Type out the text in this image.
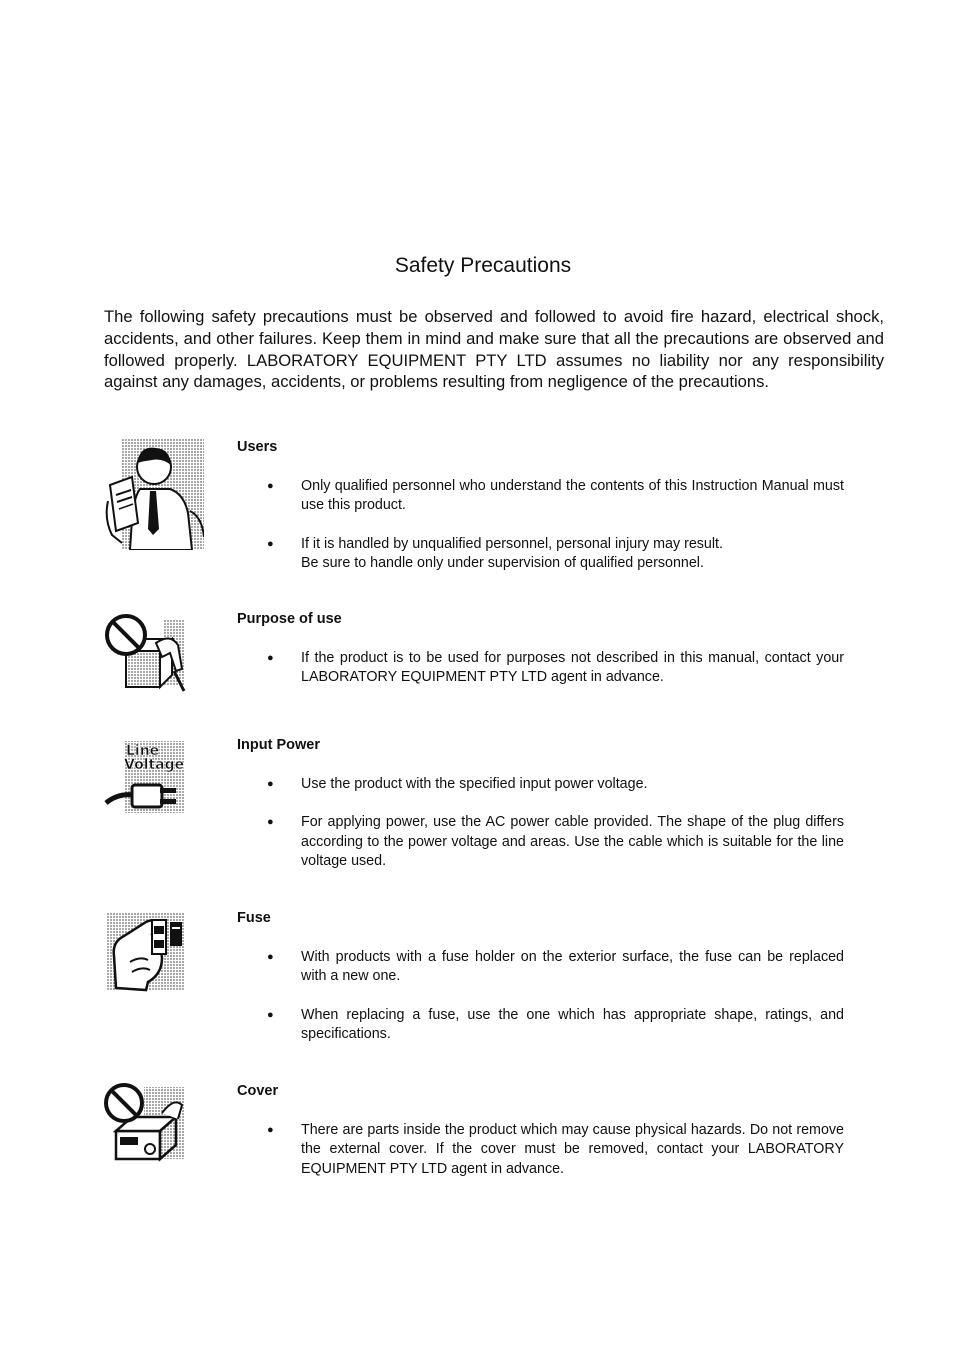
Safety Precautions
The following safety precautions must be observed and followed to avoid fire hazard, electrical shock, accidents, and other failures. Keep them in mind and make sure that all the precautions are observed and followed properly. LABORATORY EQUIPMENT PTY LTD assumes no liability nor any responsibility against any damages, accidents, or problems resulting from negligence of the precautions.
Users
● Only qualified personnel who understand the contents of this Instruction Manual must use this product.
● If it is handled by unqualified personnel, personal injury may result.
Be sure to handle only under supervision of qualified personnel.
Purpose of use
● If the product is to be used for purposes not described in this manual, contact your LABORATORY EQUIPMENT PTY LTD agent in advance.
Line
Voltage
Input Power
● Use the product with the specified input power voltage.
● For applying power, use the AC power cable provided. The shape of the plug differs according to the power voltage and areas. Use the cable which is suitable for the line voltage used.
Fuse
● With products with a fuse holder on the exterior surface, the fuse can be replaced with a new one.
● When replacing a fuse, use the one which has appropriate shape, ratings, and specifications.
Cover
● There are parts inside the product which may cause physical hazards. Do not remove the external cover. If the cover must be removed, contact your LABORATORY EQUIPMENT PTY LTD agent in advance.
